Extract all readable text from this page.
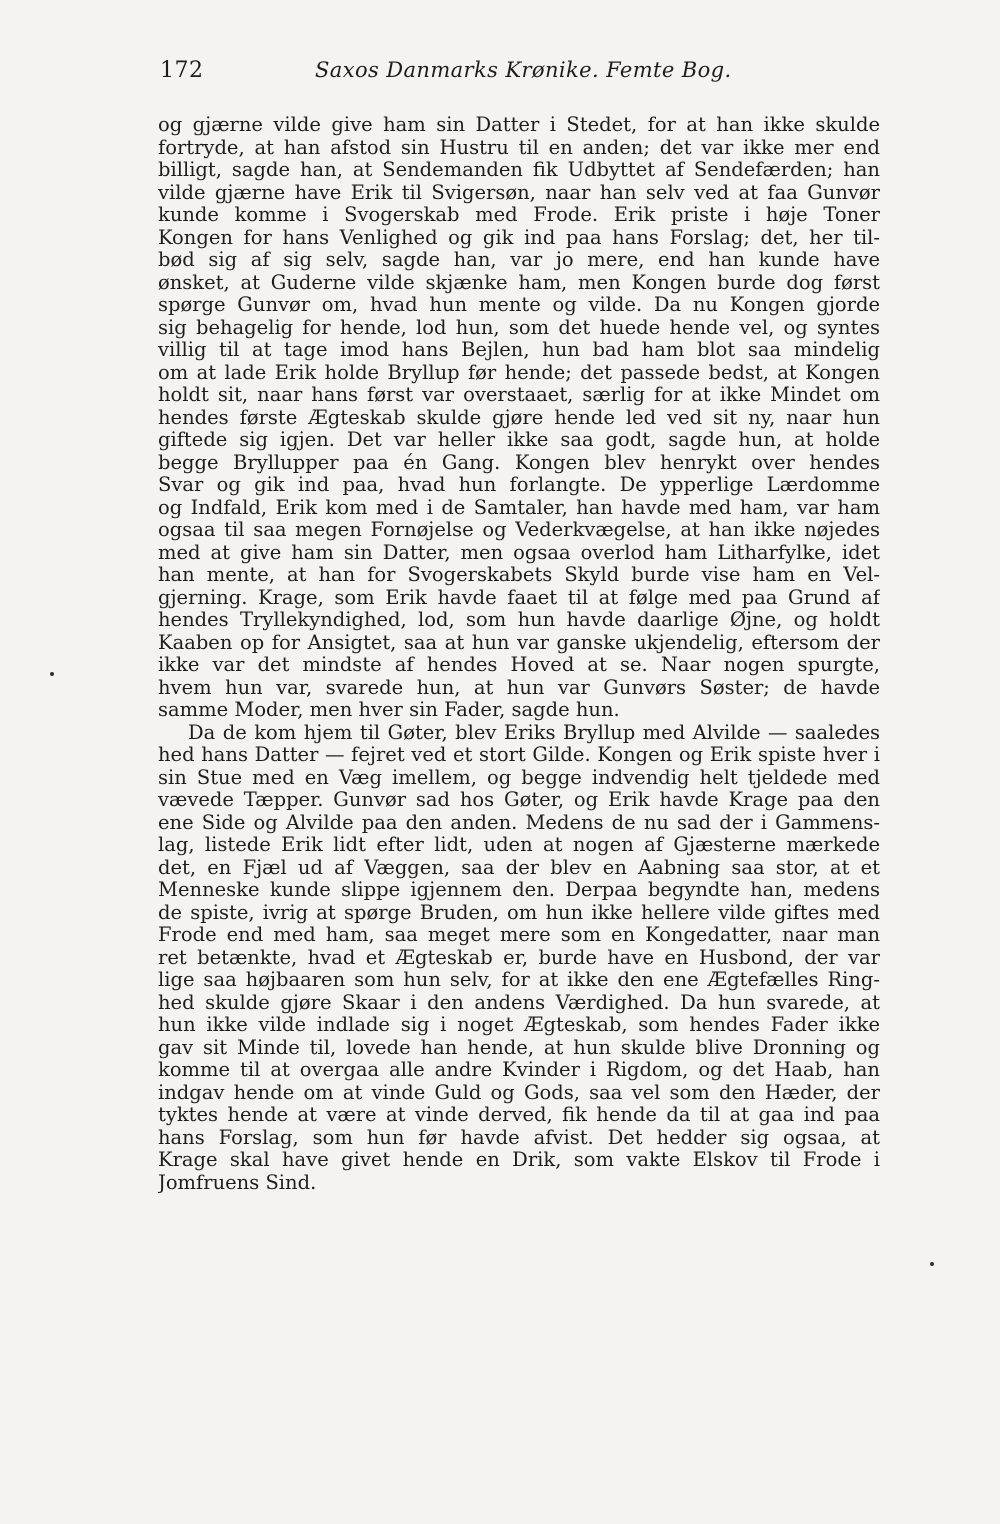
172	Saxos Danmarks Krønike. Femte Bog.
og gjærne vilde give ham sin Datter i Stedet, for at han ikke skulde
fortryde, at han afstod sin Hustru til en anden; det var ikke mer end
billigt, sagde han, at Sendemanden fik Udbyttet af Sendefærden; han
vilde gjærne have Erik til Svigersøn, naar han selv ved at faa Gunvør
kunde komme i Svogerskab med Frode. Erik priste i høje Toner
Kongen for hans Venlighed og gik ind paa hans Forslag; det, her til-
bød sig af sig selv, sagde han, var jo mere, end han kunde have
ønsket, at Guderne vilde skjænke ham, men Kongen burde dog først
spørge Gunvør om, hvad hun mente og vilde. Da nu Kongen gjorde
sig behagelig for hende, lod hun, som det huede hende vel, og syntes
villig til at tage imod hans Bejlen, hun bad ham blot saa mindelig
om at lade Erik holde Bryllup før hende; det passede bedst, at Kongen
holdt sit, naar hans først var overstaaet, særlig for at ikke Mindet om
hendes første Ægteskab skulde gjøre hende led ved sit ny, naar hun
giftede sig igjen. Det var heller ikke saa godt, sagde hun, at holde
begge Bryllupper paa én Gang. Kongen blev henrykt over hendes
Svar og gik ind paa, hvad hun forlangte. De ypperlige Lærdomme
og Indfald, Erik kom med i de Samtaler, han havde med ham, var ham
ogsaa til saa megen Fornøjelse og Vederkvægelse, at han ikke nøjedes
med at give ham sin Datter, men ogsaa overlod ham Litharfylke, idet
han mente, at han for Svogerskabets Skyld burde vise ham en Vel-
gjerning. Krage, som Erik havde faaet til at følge med paa Grund af
hendes Tryllekyndighed, lod, som hun havde daarlige Øjne, og holdt
Kaaben op for Ansigtet, saa at hun var ganske ukjendelig, eftersom der
ikke var det mindste af hendes Hoved at se. Naar nogen spurgte,
hvem hun var, svarede hun, at hun var Gunvørs Søster; de havde
samme Moder, men hver sin Fader, sagde hun.
Da de kom hjem til Gøter, blev Eriks Bryllup med Alvilde — saaledes
hed hans Datter — fejret ved et stort Gilde. Kongen og Erik spiste hver i
sin Stue med en Væg imellem, og begge indvendig helt tjeldede med
vævede Tæpper. Gunvør sad hos Gøter, og Erik havde Krage paa den
ene Side og Alvilde paa den anden. Medens de nu sad der i Gammens-
lag, listede Erik lidt efter lidt, uden at nogen af Gjæsterne mærkede
det, en Fjæl ud af Væggen, saa der blev en Aabning saa stor, at et
Menneske kunde slippe igjennem den. Derpaa begyndte han, medens
de spiste, ivrig at spørge Bruden, om hun ikke hellere vilde giftes med
Frode end med ham, saa meget mere som en Kongedatter, naar man
ret betænkte, hvad et Ægteskab er, burde have en Husbond, der var
lige saa højbaaren som hun selv, for at ikke den ene Ægtefælles Ring-
hed skulde gjøre Skaar i den andens Værdighed. Da hun svarede, at
hun ikke vilde indlade sig i noget Ægteskab, som hendes Fader ikke
gav sit Minde til, lovede han hende, at hun skulde blive Dronning og
komme til at overgaa alle andre Kvinder i Rigdom, og det Haab, han
indgav hende om at vinde Guld og Gods, saa vel som den Hæder, der
tyktes hende at være at vinde derved, fik hende da til at gaa ind paa
hans Forslag, som hun før havde afvist. Det hedder sig ogsaa, at
Krage skal have givet hende en Drik, som vakte Elskov til Frode i
Jomfruens Sind.
